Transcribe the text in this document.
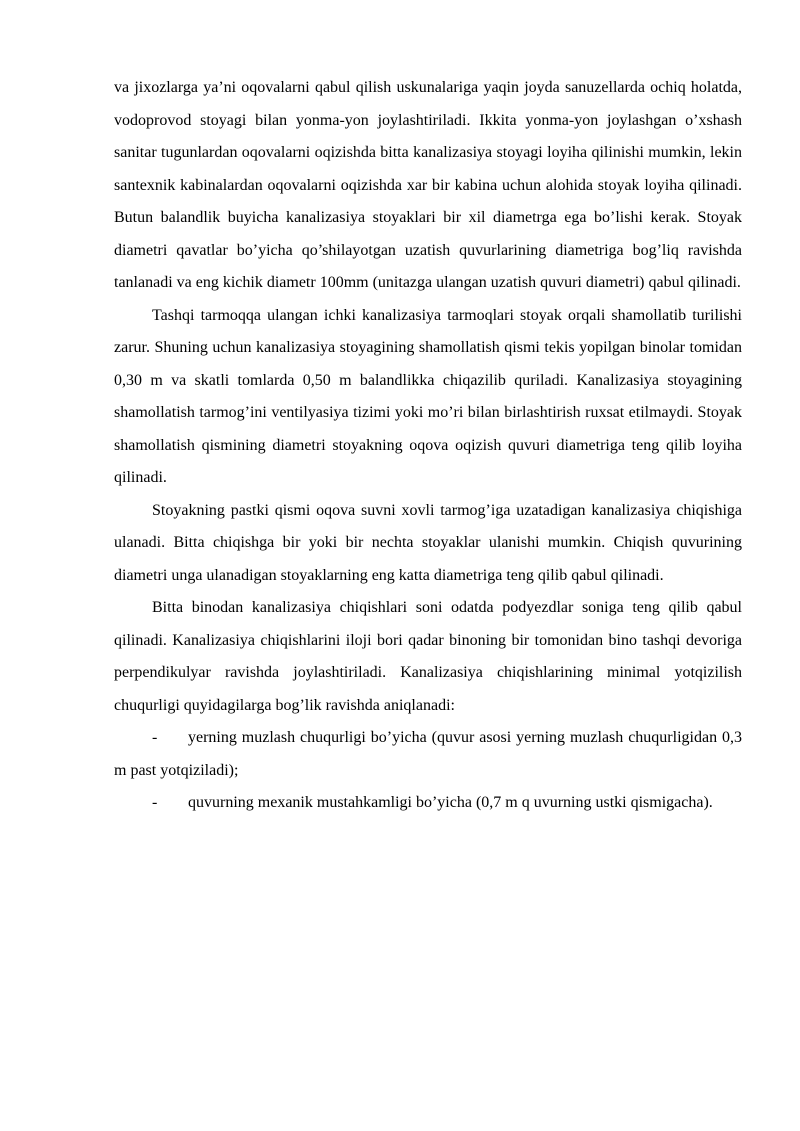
va jixozlarga ya’ni oqovalarni qabul qilish uskunalariga yaqin joyda sanuzellarda ochiq holatda, vodoprovod stoyagi bilan yonma-yon joylashtiriladi. Ikkita yonma-yon joylashgan o’xshash sanitar tugunlardan oqovalarni oqizishda bitta kanalizasiya stoyagi loyiha qilinishi mumkin, lekin santexnik kabinalardan oqovalarni oqizishda xar bir kabina uchun alohida stoyak loyiha qilinadi. Butun balandlik buyicha kanalizasiya stoyaklari bir xil diametrga ega bo’lishi kerak. Stoyak diametri qavatlar bo’yicha qo’shilayotgan uzatish quvurlarining diametriga bog’liq ravishda tanlanadi va eng kichik diametr 100mm (unitazga ulangan uzatish quvuri diametri) qabul qilinadi.

Tashqi tarmoqqa ulangan ichki kanalizasiya tarmoqlari stoyak orqali shamollatib turilishi zarur. Shuning uchun kanalizasiya stoyagining shamollatish qismi tekis yopilgan binolar tomidan 0,30 m va skatli tomlarda 0,50 m balandlikka chiqazilib quriladi. Kanalizasiya stoyagining shamollatish tarmog’ini ventilyasiya tizimi yoki mo’ri bilan birlashtirish ruxsat etilmaydi. Stoyak shamollatish qismining diametri stoyakning oqova oqizish quvuri diametriga teng qilib loyiha qilinadi.

Stoyakning pastki qismi oqova suvni xovli tarmog’iga uzatadigan kanalizasiya chiqishiga ulanadi. Bitta chiqishga bir yoki bir nechta stoyaklar ulanishi mumkin. Chiqish quvurining diametri unga ulanadigan stoyaklarning eng katta diametriga teng qilib qabul qilinadi.

Bitta binodan kanalizasiya chiqishlari soni odatda podyezdlar soniga teng qilib qabul qilinadi. Kanalizasiya chiqishlarini iloji bori qadar binoning bir tomonidan bino tashqi devoriga perpendikulyar ravishda joylashtiriladi. Kanalizasiya chiqishlarining minimal yotqizilish chuqurligi quyidagilarga bog’lik ravishda aniqlanadi:

- yerning muzlash chuqurligi bo’yicha (quvur asosi yerning muzlash chuqurligidan 0,3 m past yotqiziladi);

- quvurning mexanik mustahkamligi bo’yicha (0,7 m q uvurning ustki qismigacha).
